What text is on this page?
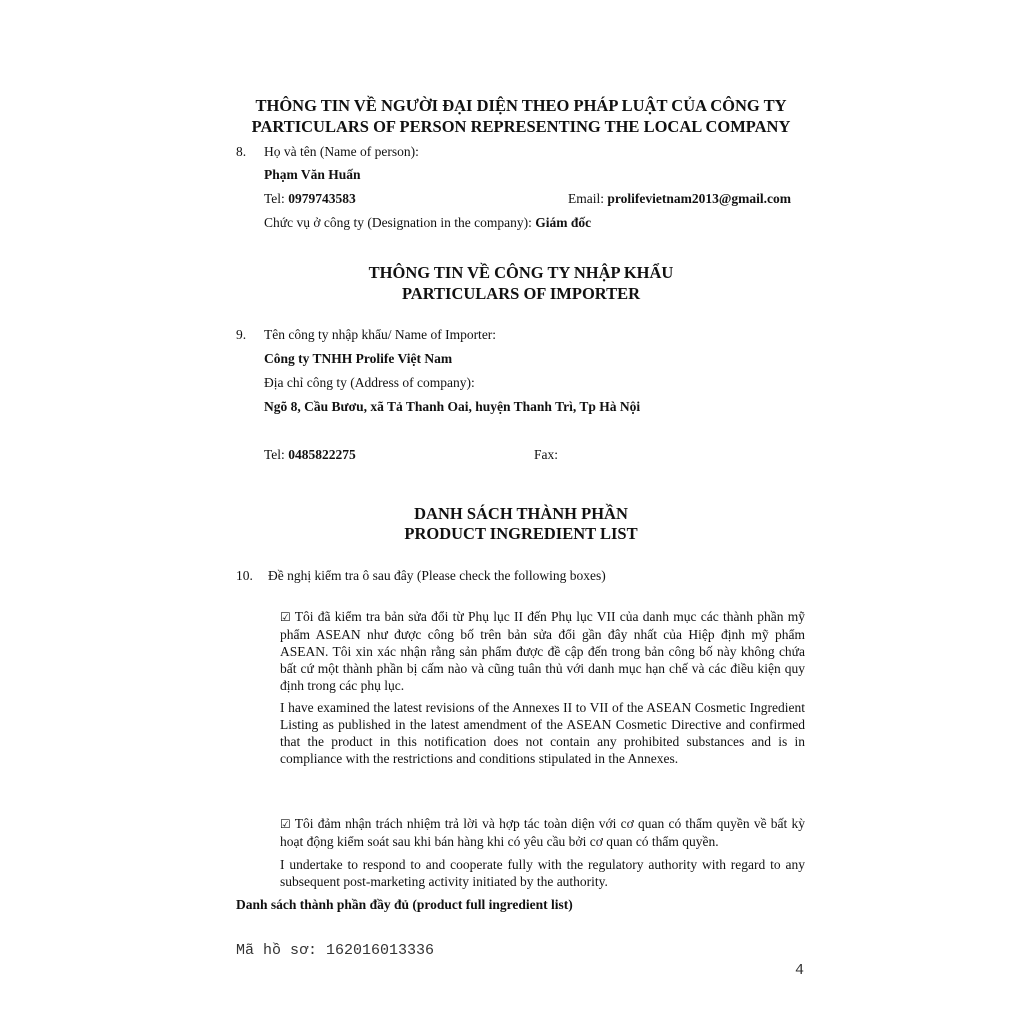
THÔNG TIN VỀ NGƯỜI ĐẠI DIỆN THEO PHÁP LUẬT CỦA CÔNG TY
PARTICULARS OF PERSON REPRESENTING THE LOCAL COMPANY
8. Họ và tên (Name of person):
Phạm Văn Huấn
Tel: 0979743583	Email: prolifevietnam2013@gmail.com
Chức vụ ở công ty (Designation in the company): Giám đốc
THÔNG TIN VỀ CÔNG TY NHẬP KHẨU
PARTICULARS OF IMPORTER
9. Tên công ty nhập khẩu/ Name of Importer:
Công ty TNHH Prolife Việt Nam
Địa chỉ công ty (Address of company):
Ngõ 8, Cầu Bươu, xã Tả Thanh Oai, huyện Thanh Trì, Tp Hà Nội
Tel: 0485822275	Fax:
DANH SÁCH THÀNH PHẦN
PRODUCT INGREDIENT LIST
10. Đề nghị kiểm tra ô sau đây (Please check the following boxes)
☑ Tôi đã kiểm tra bản sửa đổi từ Phụ lục II đến Phụ lục VII của danh mục các thành phần mỹ phẩm ASEAN như được công bố trên bản sửa đổi gần đây nhất của Hiệp định mỹ phẩm ASEAN. Tôi xin xác nhận rằng sản phẩm được đề cập đến trong bản công bố này không chứa bất cứ một thành phần bị cấm nào và cũng tuân thủ với danh mục hạn chế và các điều kiện quy định trong các phụ lục.
I have examined the latest revisions of the Annexes II to VII of the ASEAN Cosmetic Ingredient Listing as published in the latest amendment of the ASEAN Cosmetic Directive and confirmed that the product in this notification does not contain any prohibited substances and is in compliance with the restrictions and conditions stipulated in the Annexes.
☑ Tôi đảm nhận trách nhiệm trả lời và hợp tác toàn diện với cơ quan có thẩm quyền về bất kỳ hoạt động kiểm soát sau khi bán hàng khi có yêu cầu bởi cơ quan có thẩm quyền.
I undertake to respond to and cooperate fully with the regulatory authority with regard to any subsequent post-marketing activity initiated by the authority.
Danh sách thành phần đầy đủ (product full ingredient list)
Mã hồ sơ: 162016013336
4
